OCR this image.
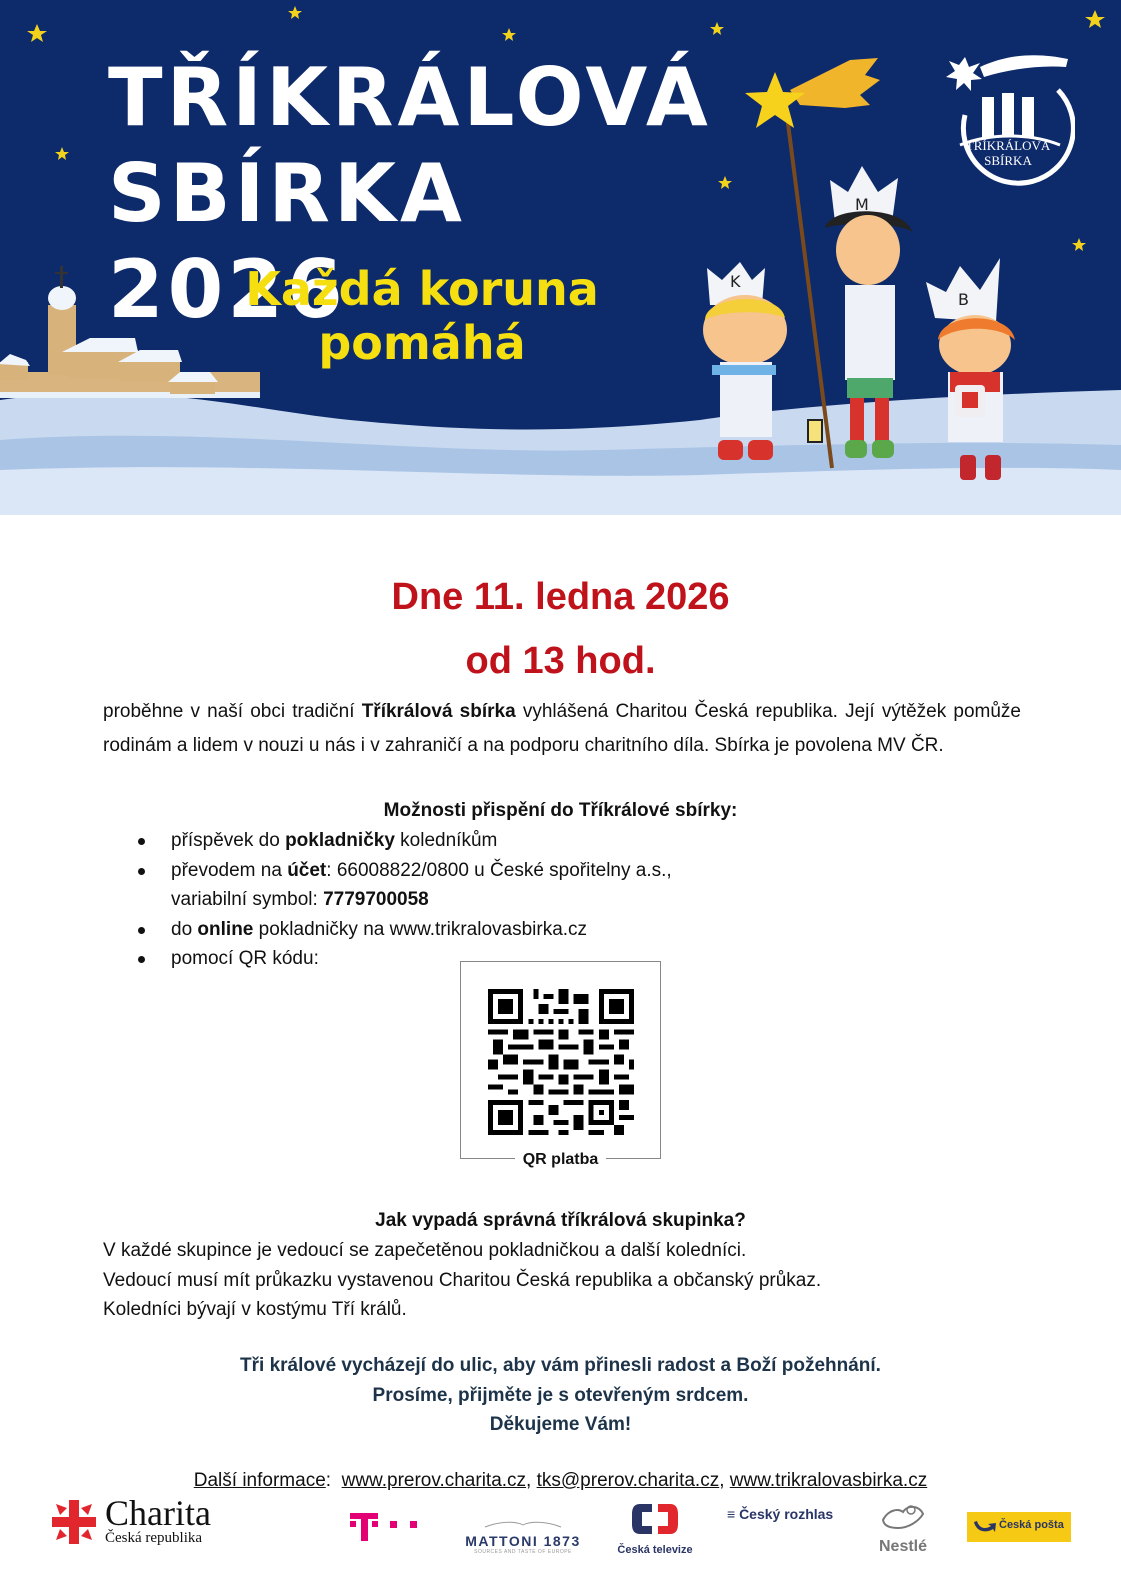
K
M
B
TŘÍKRÁLOVÁ
SBÍRKA 2026
Každá koruna
pomáhá
TŘÍKRÁLOVÁ
SBÍRKA
Dne 11. ledna 2026
od 13 hod.

proběhne v naší obci tradiční Tříkrálová sbírka vyhlášená Charitou Česká republika. Její výtěžek pomůže rodinám a lidem v nouzi u nás i v zahraničí a na podporu charitního díla. Sbírka je povolena MV ČR.

Možnosti přispění do Tříkrálové sbírky:
příspěvek do pokladničky koledníkům
převodem na účet: 66008822/0800 u České spořitelny a.s.,
variabilní symbol: 7779700058
do online pokladničky na www.trikralovasbirka.cz
pomocí QR kódu:
QR platba
Jak vypadá správná tříkrálová skupinka?
V každé skupince je vedoucí se zapečetěnou pokladničkou a další koledníci.
Vedoucí musí mít průkazku vystavenou Charitou Česká republika a občanský průkaz.
Koledníci bývají v kostýmu Tří králů.
Tři králové vycházejí do ulic, aby vám přinesli radost a Boží požehnání.
Prosíme, přijměte je s otevřeným srdcem.
Děkujeme Vám!
Další informace:  www.prerov.charita.cz, tks@prerov.charita.cz, www.trikralovasbirka.cz
Charita
Česká republika	MATTONI 1873
SOURCES AND TASTE OF EUROPE	Česká televize
≡ Český rozhlas
Nestlé
Česká pošta
